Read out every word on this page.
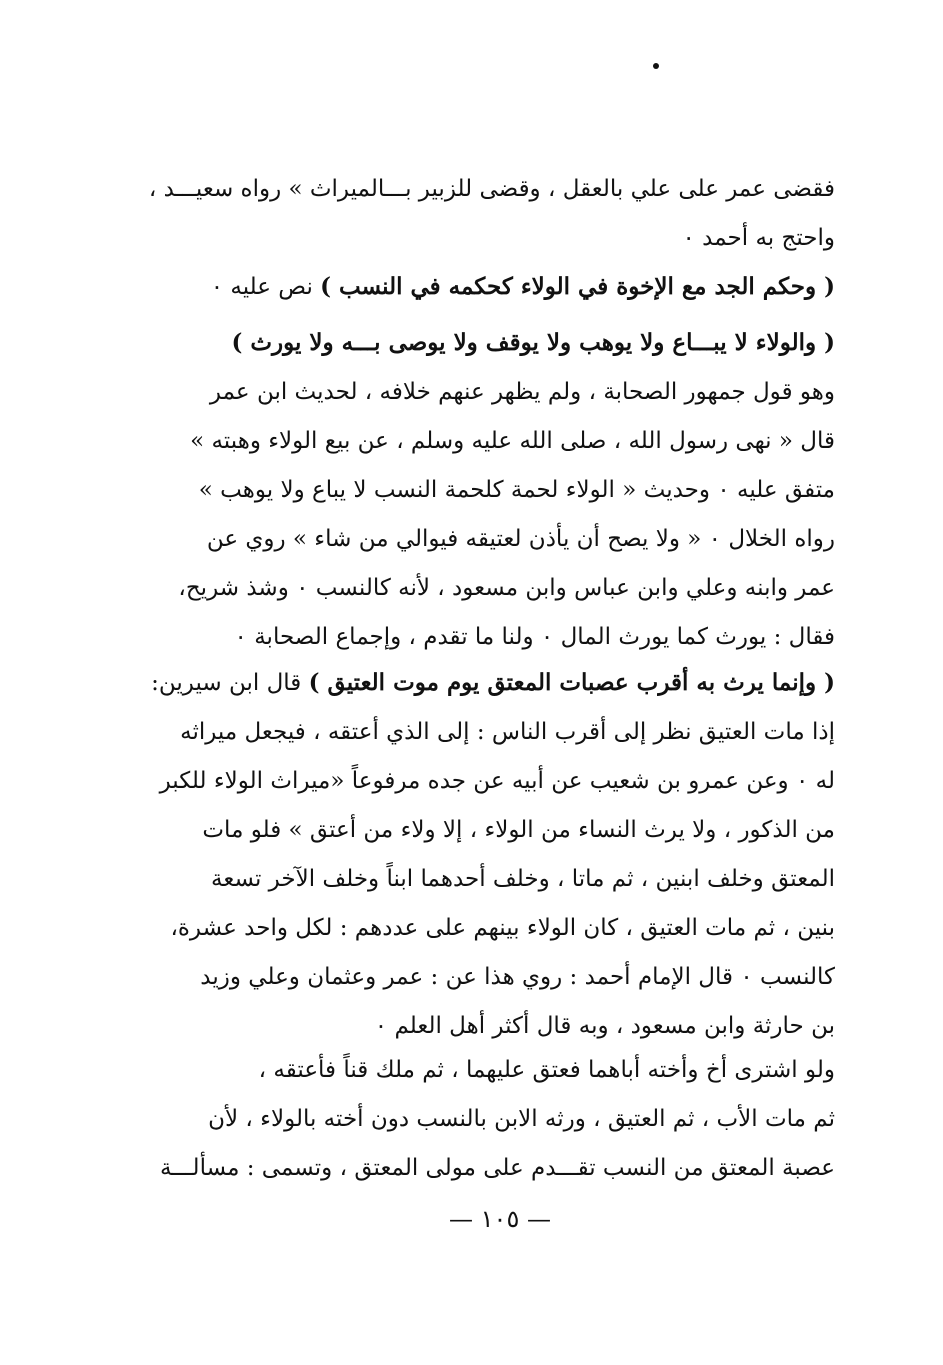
فقضى عمر على علي بالعقل ، وقضى للزبير بـــالميراث » رواه سعيـــد ،
واحتج به أحمد ٠
( وحكم الجد مع الإخوة في الولاء كحكمه في النسب ) نص عليه ٠
( والولاء لا يبـــاع ولا يوهب ولا يوقف ولا يوصى بـــه ولا يورث )
وهو قول جمهور الصحابة ، ولم يظهر عنهم خلافه ، لحديث ابن عمر
قال « نهى رسول الله ، صلى الله عليه وسلم ، عن بيع الولاء وهبته »
متفق عليه ٠ وحديث « الولاء لحمة كلحمة النسب لا يباع ولا يوهب »
رواه الخلال ٠ « ولا يصح أن يأذن لعتيقه فيوالي من شاء » روي عن
عمر وابنه وعلي وابن عباس وابن مسعود ، لأنه كالنسب ٠ وشذ شريح،
فقال : يورث كما يورث المال ٠ ولنا ما تقدم ، وإجماع الصحابة ٠
( وإنما يرث به أقرب عصبات المعتق يوم موت العتيق ) قال ابن سيرين:
إذا مات العتيق نظر إلى أقرب الناس : إلى الذي أعتقه ، فيجعل ميراثه
له ٠ وعن عمرو بن شعيب عن أبيه عن جده مرفوعاً «ميراث الولاء للكبر
من الذكور ، ولا يرث النساء من الولاء ، إلا ولاء من أعتق » فلو مات
المعتق وخلف ابنين ، ثم ماتا ، وخلف أحدهما ابناً وخلف الآخر تسعة
بنين ، ثم مات العتيق ، كان الولاء بينهم على عددهم : لكل واحد عشرة،
كالنسب ٠ قال الإمام أحمد : روي هذا عن : عمر وعثمان وعلي وزيد
بن حارثة وابن مسعود ، وبه قال أكثر أهل العلم ٠
ولو اشترى أخ وأخته أباهما فعتق عليهما ، ثم ملك قناً فأعتقه ،
ثم مات الأب ، ثم العتيق ، ورثه الابن بالنسب دون أخته بالولاء ، لأن
عصبة المعتق من النسب تقـــدم على مولى المعتق ، وتسمى : مسألـــة
— ١٠٥ —
